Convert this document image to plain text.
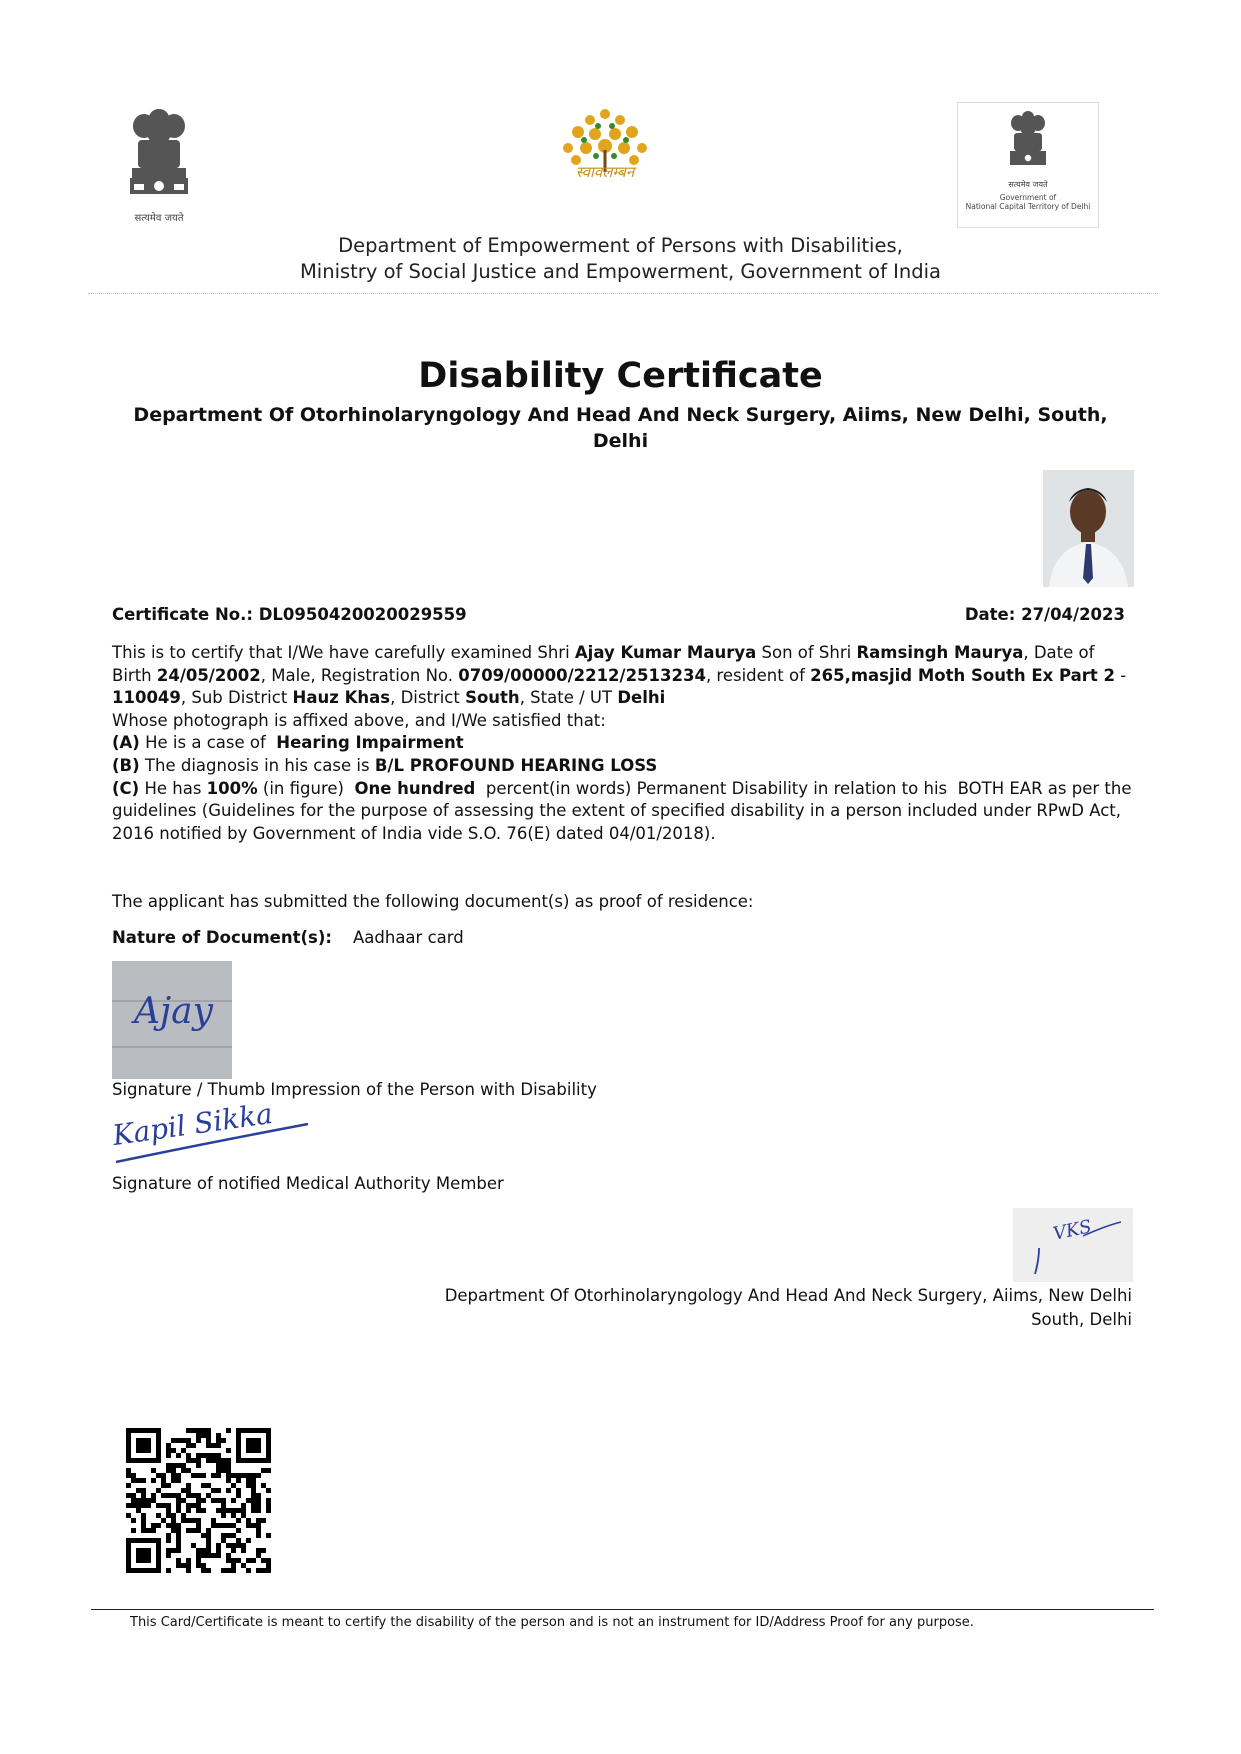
सत्यमेव जयते
स्वावलम्बन
सत्यमेव जयते
Government of
National Capital Territory of Delhi
Department of Empowerment of Persons with Disabilities,
Ministry of Social Justice and Empowerment, Government of India
Disability Certificate
Department Of Otorhinolaryngology And Head And Neck Surgery, Aiims, New Delhi, South, Delhi
Certificate No.: DL0950420020029559	Date: 27/04/2023
This is to certify that I/We have carefully examined Shri Ajay Kumar Maurya Son of Shri Ramsingh Maurya, Date of Birth 24/05/2002, Male, Registration No. 0709/00000/2212/2513234, resident of 265,masjid Moth South Ex Part 2 - 110049, Sub District Hauz Khas, District South, State / UT Delhi
Whose photograph is affixed above, and I/We satisfied that:
(A) He is a case of  Hearing Impairment
(B) The diagnosis in his case is B/L PROFOUND HEARING LOSS
(C) He has 100% (in figure)  One hundred  percent(in words) Permanent Disability in relation to his  BOTH EAR as per the guidelines (Guidelines for the purpose of assessing the extent of specified disability in a person included under RPwD Act, 2016 notified by Government of India vide S.O. 76(E) dated 04/01/2018).
The applicant has submitted the following document(s) as proof of residence:
Nature of Document(s): Aadhaar card
Ajay
Signature / Thumb Impression of the Person with Disability
Kapil Sikka
Signature of notified Medical Authority Member
VKS
Department Of Otorhinolaryngology And Head And Neck Surgery, Aiims, New Delhi
South, Delhi
This Card/Certificate is meant to certify the disability of the person and is not an instrument for ID/Address Proof for any purpose.
